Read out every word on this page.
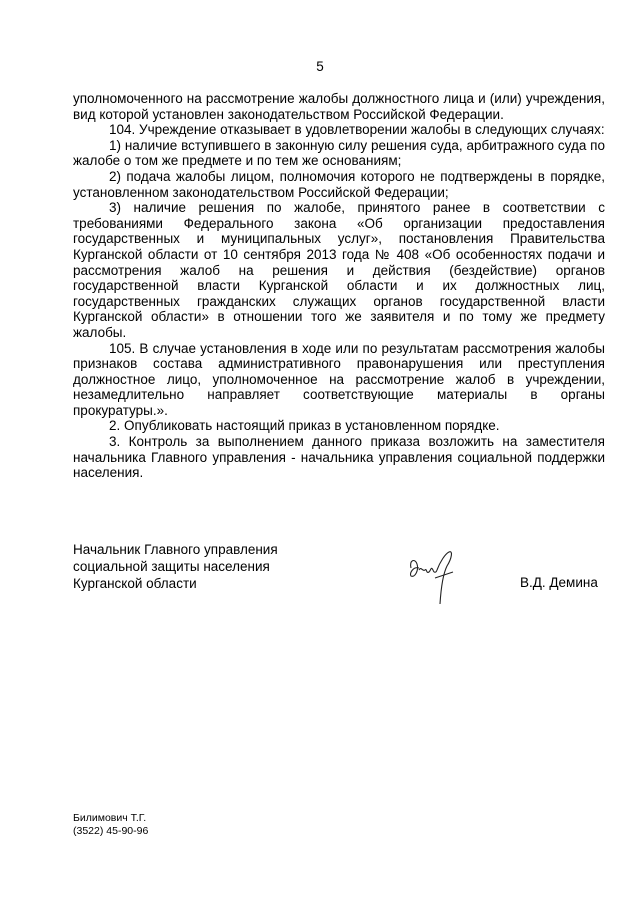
5

уполномоченного на рассмотрение жалобы должностного лица и (или) учреждения, вид которой установлен законодательством Российской Федерации.

104. Учреждение отказывает в удовлетворении жалобы в следующих случаях:

1) наличие вступившего в законную силу решения суда, арбитражного суда по жалобе о том же предмете и по тем же основаниям;

2) подача жалобы лицом, полномочия которого не подтверждены в порядке, установленном законодательством Российской Федерации;

3) наличие решения по жалобе, принятого ранее в соответствии с требованиями Федерального закона «Об организации предоставления государственных и муниципальных услуг», постановления Правительства Курганской области от 10 сентября 2013 года № 408 «Об особенностях подачи и рассмотрения жалоб на решения и действия (бездействие) органов государственной власти Курганской области и их должностных лиц, государственных гражданских служащих органов государственной власти Курганской области» в отношении того же заявителя и по тому же предмету жалобы.

105. В случае установления в ходе или по результатам рассмотрения жалобы признаков состава административного правонарушения или преступления должностное лицо, уполномоченное на рассмотрение жалоб в учреждении, незамедлительно направляет соответствующие материалы в органы прокуратуры.».

2. Опубликовать настоящий приказ в установленном порядке.

3. Контроль за выполнением данного приказа возложить на заместителя начальника Главного управления - начальника управления социальной поддержки населения.

Начальник Главного управления
социальной защиты населения
Курганской области	В.Д. Демина
Билимович Т.Г.
(3522) 45-90-96
